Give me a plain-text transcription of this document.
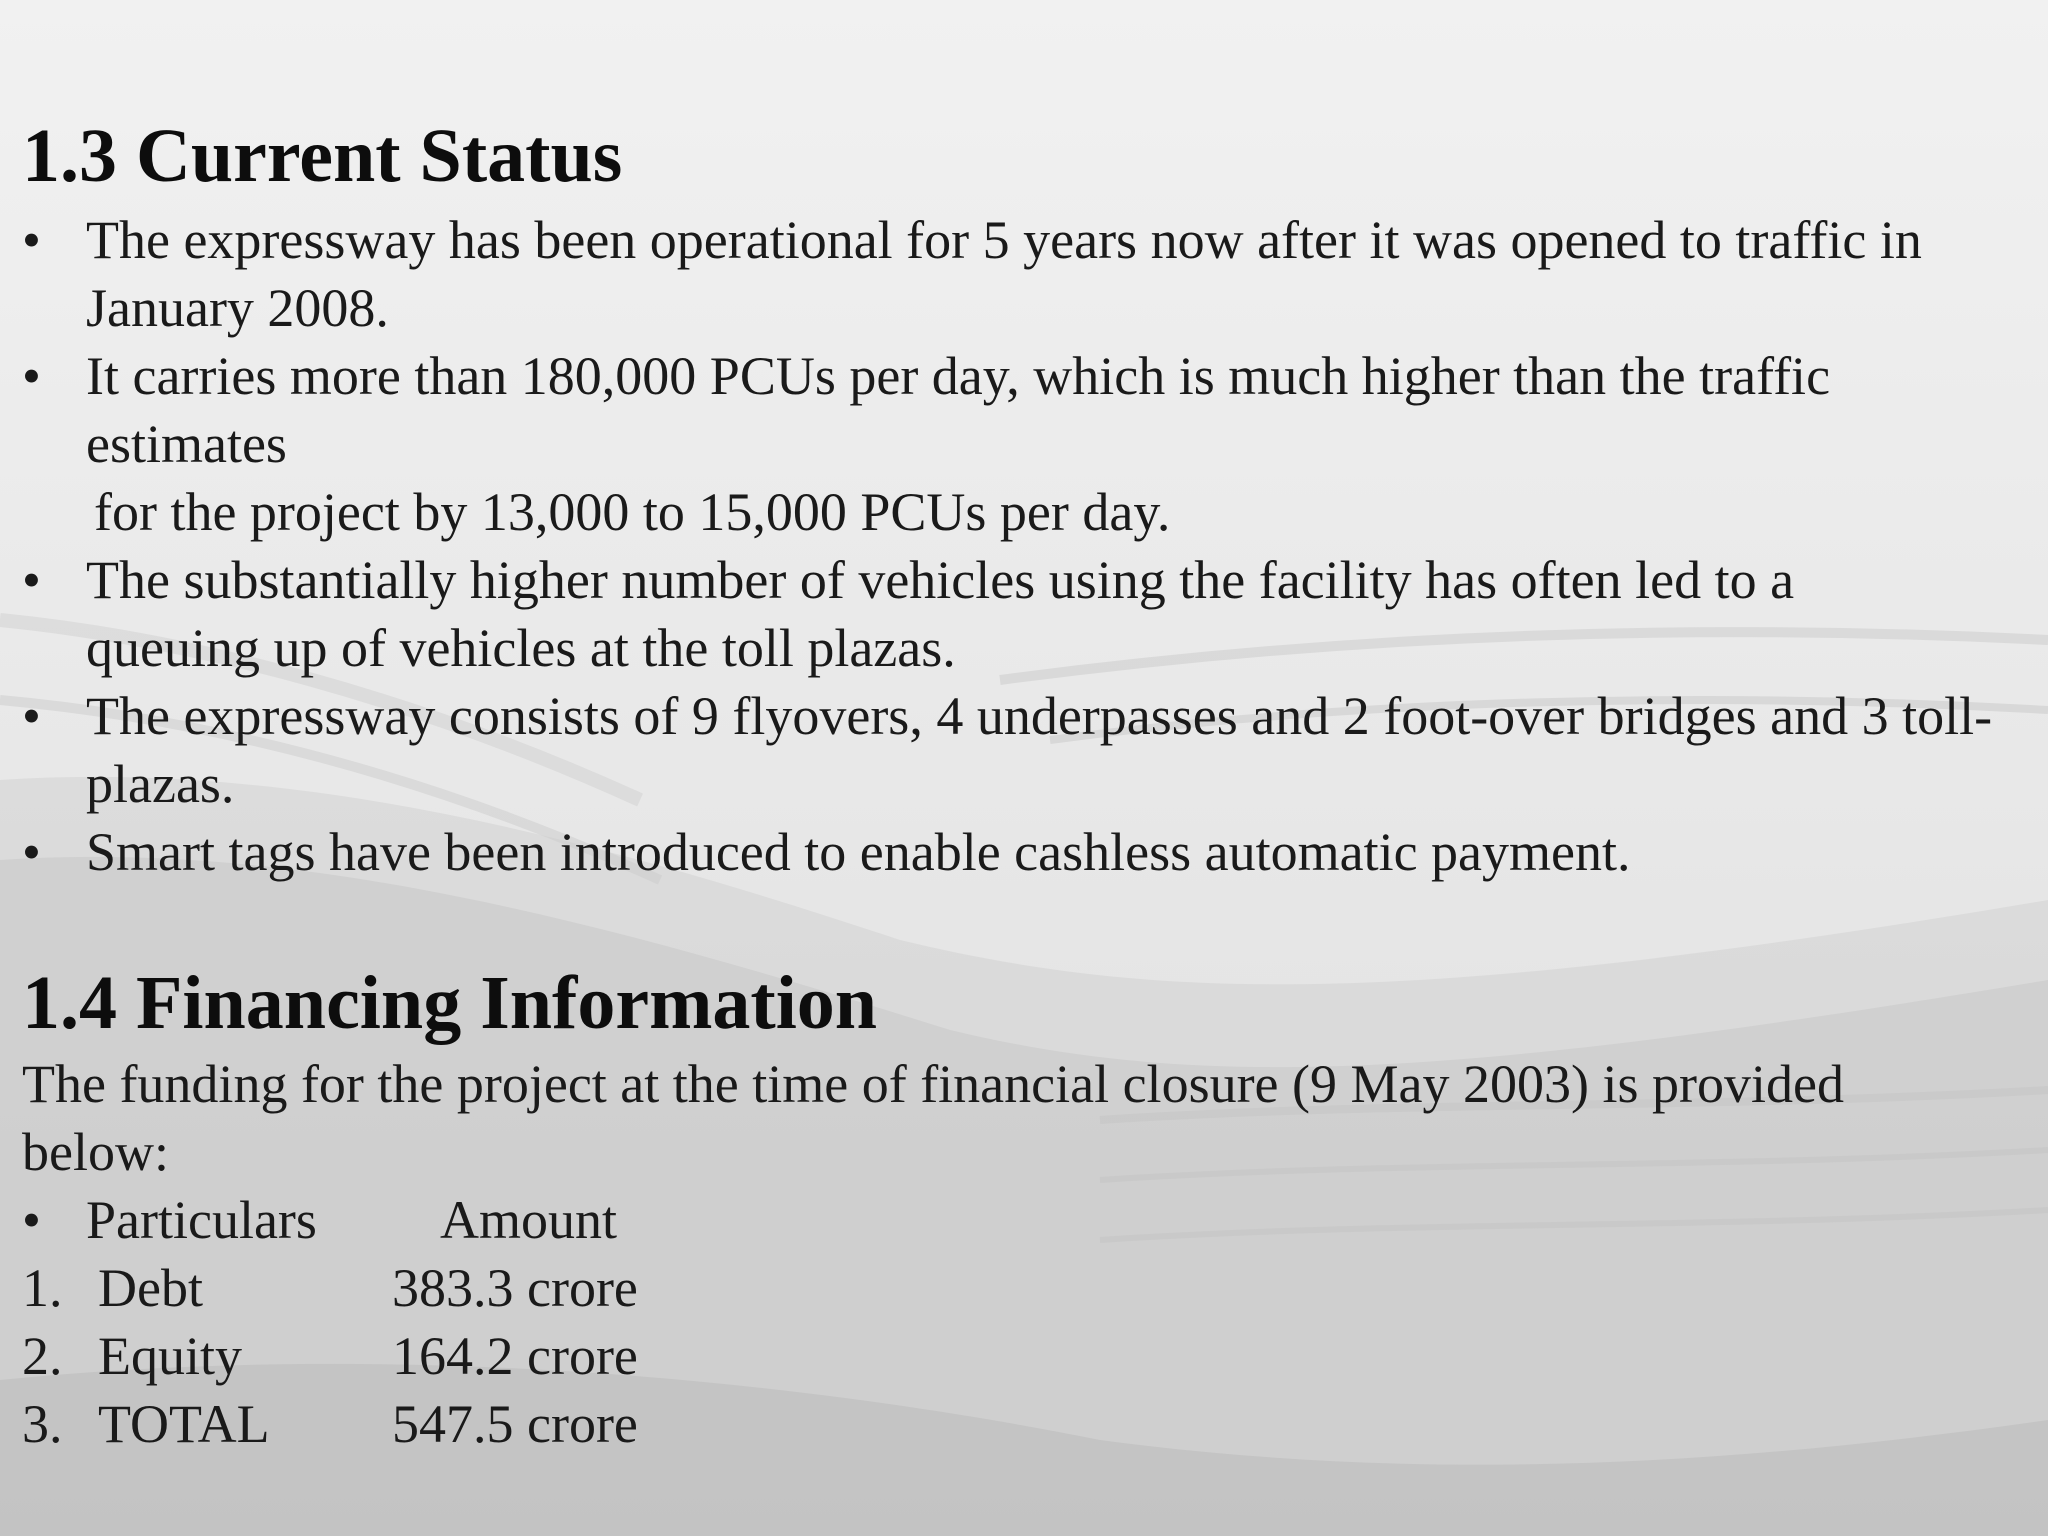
1.3 Current Status
• The expressway has been operational for 5 years now after it was opened to traffic in January 2008.
• It carries more than 180,000 PCUs per day, which is much higher than the traffic estimates
for the project by 13,000 to 15,000 PCUs per day.
• The substantially higher number of vehicles using the facility has often led to a queuing up of vehicles at the toll plazas.
• The expressway consists of 9 flyovers, 4 underpasses and 2 foot-over bridges and 3 toll-plazas.
• Smart tags have been introduced to enable cashless automatic payment.
1.4 Financing Information
The funding for the project at the time of financial closure (9 May 2003) is provided below:
• Particulars Amount
1. Debt	383.3 crore
2. Equity	164.2 crore
3. TOTAL 547.5 crore
